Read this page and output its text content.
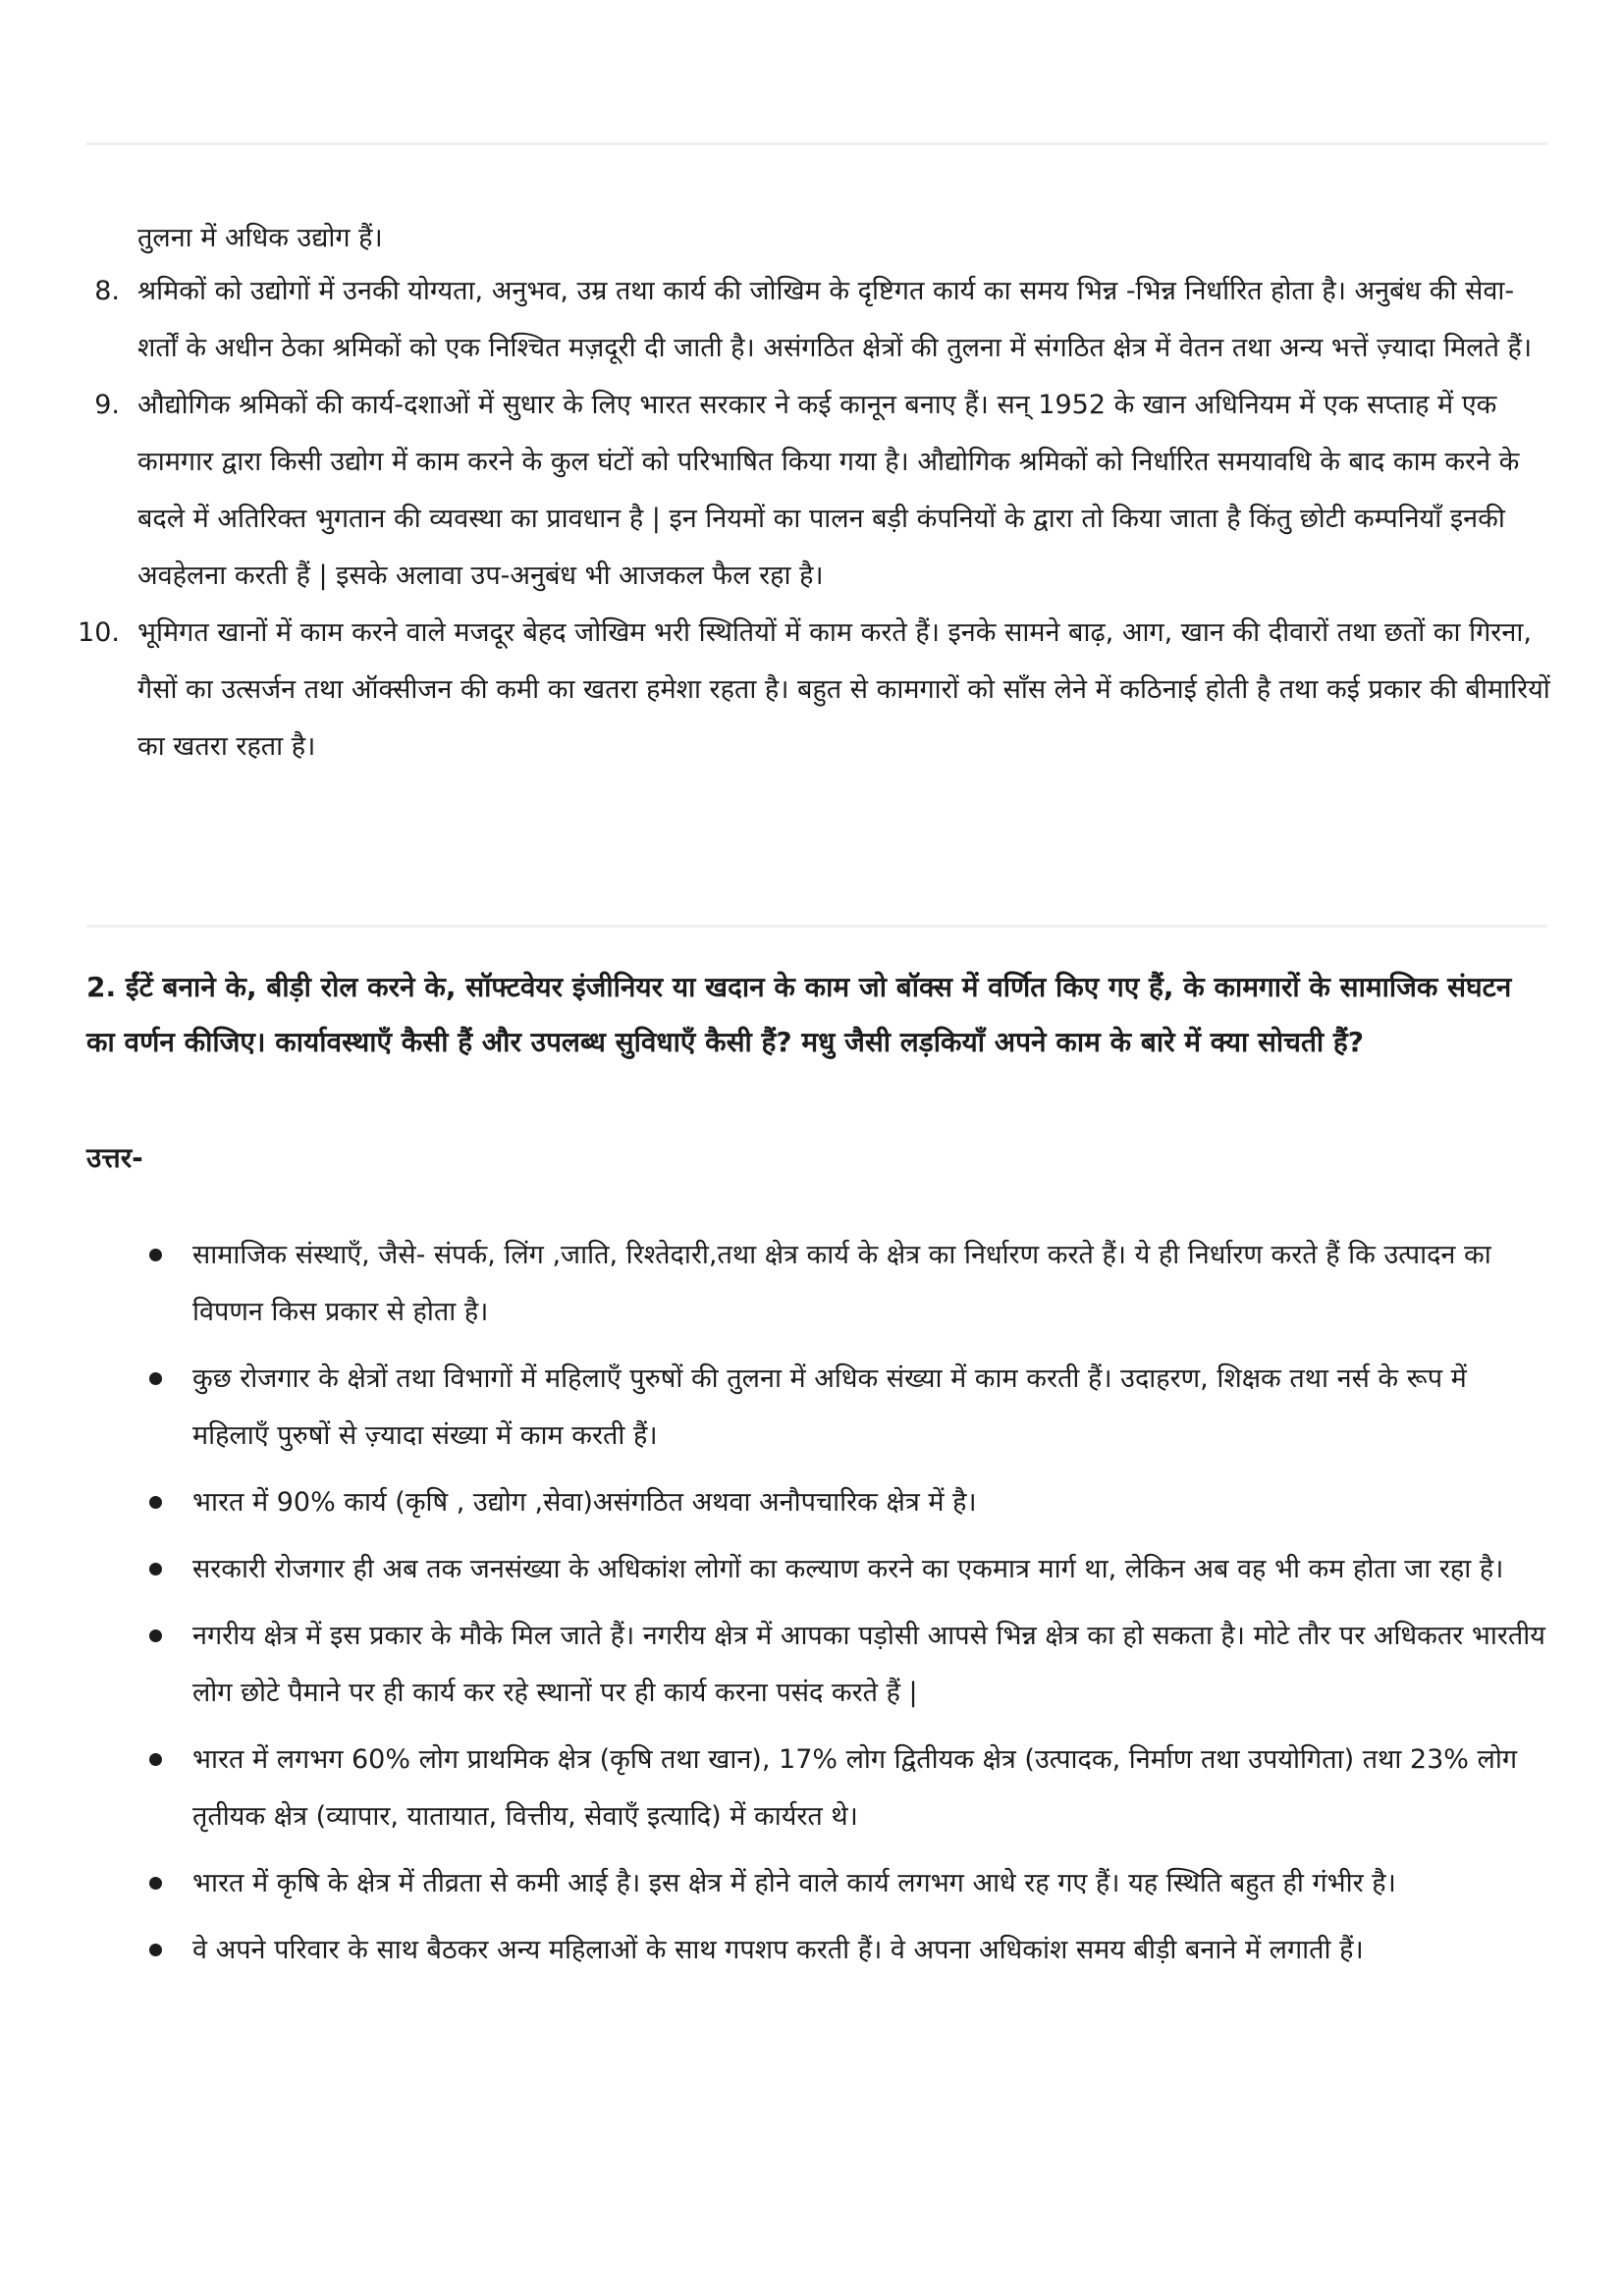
तुलना में अधिक उद्योग हैं।

8. श्रमिकों को उद्योगों में उनकी योग्यता, अनुभव, उम्र तथा कार्य की जोखिम के दृष्टिगत कार्य का समय भिन्न -भिन्न निर्धारित होता है। अनुबंध की सेवा-शर्तों के अधीन ठेका श्रमिकों को एक निश्चित मज़दूरी दी जाती है। असंगठित क्षेत्रों की तुलना में संगठित क्षेत्र में वेतन तथा अन्य भत्तें ज़्यादा मिलते हैं।
9. औद्योगिक श्रमिकों की कार्य-दशाओं में सुधार के लिए भारत सरकार ने कई कानून बनाए हैं। सन् 1952 के खान अधिनियम में एक सप्ताह में एक कामगार द्वारा किसी उद्योग में काम करने के कुल घंटों को परिभाषित किया गया है। औद्योगिक श्रमिकों को निर्धारित समयावधि के बाद काम करने के बदले में अतिरिक्त भुगतान की व्यवस्था का प्रावधान है | इन नियमों का पालन बड़ी कंपनियों के द्वारा तो किया जाता है किंतु छोटी कम्पनियाँ इनकी अवहेलना करती हैं | इसके अलावा उप-अनुबंध भी आजकल फैल रहा है।
10. भूमिगत खानों में काम करने वाले मजदूर बेहद जोखिम भरी स्थितियों में काम करते हैं। इनके सामने बाढ़, आग, खान की दीवारों तथा छतों का गिरना, गैसों का उत्सर्जन तथा ऑक्सीजन की कमी का खतरा हमेशा रहता है। बहुत से कामगारों को साँस लेने में कठिनाई होती है तथा कई प्रकार की बीमारियों का खतरा रहता है।

2. ईंटें बनाने के, बीड़ी रोल करने के, सॉफ्टवेयर इंजीनियर या खदान के काम जो बॉक्स में वर्णित किए गए हैं, के कामगारों के सामाजिक संघटन का वर्णन कीजिए। कार्यावस्थाएँ कैसी हैं और उपलब्ध सुविधाएँ कैसी हैं? मधु जैसी लड़कियाँ अपने काम के बारे में क्या सोचती हैं?

उत्तर-

सामाजिक संस्थाएँ, जैसे- संपर्क, लिंग ,जाति, रिश्तेदारी,तथा क्षेत्र कार्य के क्षेत्र का निर्धारण करते हैं। ये ही निर्धारण करते हैं कि उत्पादन का विपणन किस प्रकार से होता है।
कुछ रोजगार के क्षेत्रों तथा विभागों में महिलाएँ पुरुषों की तुलना में अधिक संख्या में काम करती हैं। उदाहरण, शिक्षक तथा नर्स के रूप में महिलाएँ पुरुषों से ज़्यादा संख्या में काम करती हैं।
भारत में 90% कार्य (कृषि , उद्योग ,सेवा)असंगठित अथवा अनौपचारिक क्षेत्र में है।
सरकारी रोजगार ही अब तक जनसंख्या के अधिकांश लोगों का कल्याण करने का एकमात्र मार्ग था, लेकिन अब वह भी कम होता जा रहा है।
नगरीय क्षेत्र में इस प्रकार के मौके मिल जाते हैं। नगरीय क्षेत्र में आपका पड़ोसी आपसे भिन्न क्षेत्र का हो सकता है। मोटे तौर पर अधिकतर भारतीय लोग छोटे पैमाने पर ही कार्य कर रहे स्थानों पर ही कार्य करना पसंद करते हैं |
भारत में लगभग 60% लोग प्राथमिक क्षेत्र (कृषि तथा खान), 17% लोग द्वितीयक क्षेत्र (उत्पादक, निर्माण तथा उपयोगिता) तथा 23% लोग तृतीयक क्षेत्र (व्यापार, यातायात, वित्तीय, सेवाएँ इत्यादि) में कार्यरत थे।
भारत में कृषि के क्षेत्र में तीव्रता से कमी आई है। इस क्षेत्र में होने वाले कार्य लगभग आधे रह गए हैं। यह स्थिति बहुत ही गंभीर है।
वे अपने परिवार के साथ बैठकर अन्य महिलाओं के साथ गपशप करती हैं। वे अपना अधिकांश समय बीड़ी बनाने में लगाती हैं।
